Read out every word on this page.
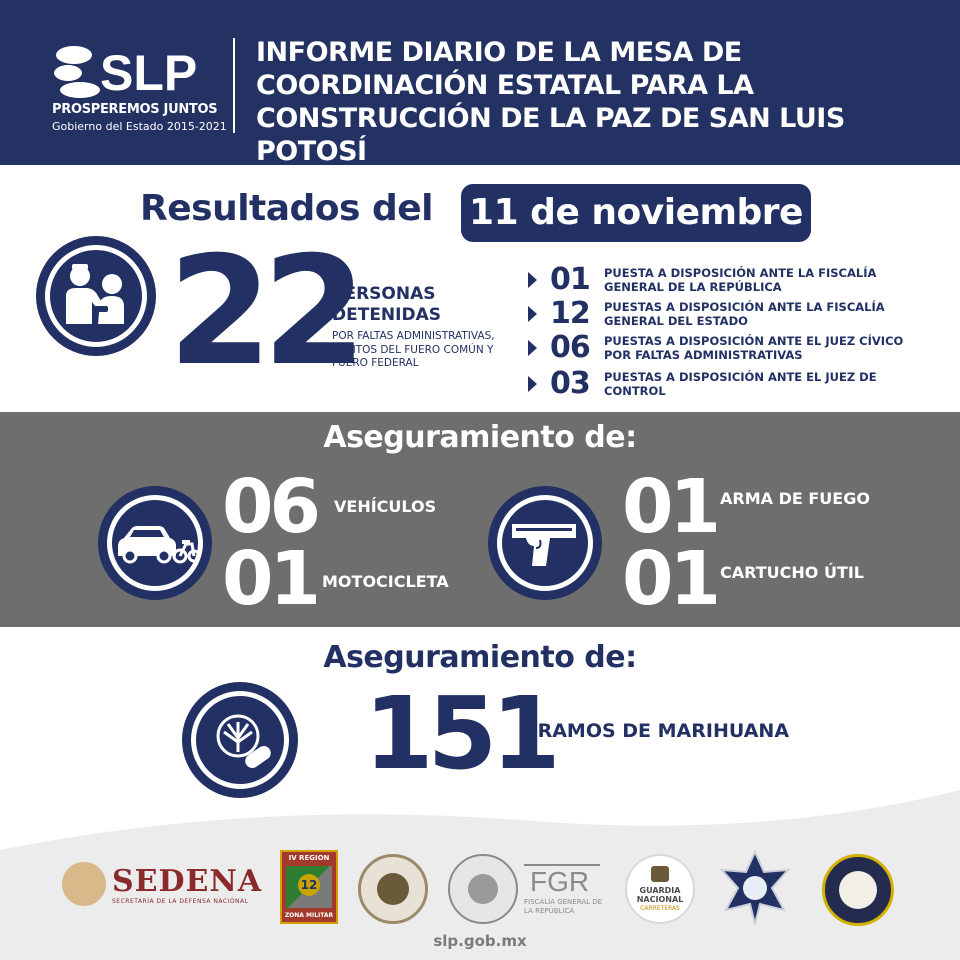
SLP
PROSPEREMOS JUNTOS
Gobierno del Estado 2015-2021
INFORME DIARIO DE LA MESA DE COORDINACIÓN ESTATAL PARA LA CONSTRUCCIÓN DE LA PAZ DE SAN LUIS POTOSÍ
Resultados del 11 de noviembre
22
PERSONAS DETENIDAS
POR FALTAS ADMINISTRATIVAS, DELITOS DEL FUERO COMÚN Y FUERO FEDERAL
01 PUESTA A DISPOSICIÓN ANTE LA FISCALÍA GENERAL DE LA REPÚBLICA
12 PUESTAS A DISPOSICIÓN ANTE LA FISCALÍA GENERAL DEL ESTADO
06 PUESTAS A DISPOSICIÓN ANTE EL JUEZ CÍVICO POR FALTAS ADMINISTRATIVAS
03 PUESTAS A DISPOSICIÓN ANTE EL JUEZ DE CONTROL
Aseguramiento de:
06 VEHÍCULOS
01 MOTOCICLETA
01 ARMA DE FUEGO
01 CARTUCHO ÚTIL
Aseguramiento de:
151
GRAMOS DE MARIHUANA
SEDENA
SECRETARÍA DE LA DEFENSA NACIONAL
IV REGION
12
ZONA MILITAR
FGR
FISCALÍA GENERAL DE LA REPÚBLICA
GUARDIA
NACIONAL
CARRETERAS
slp.gob.mx
